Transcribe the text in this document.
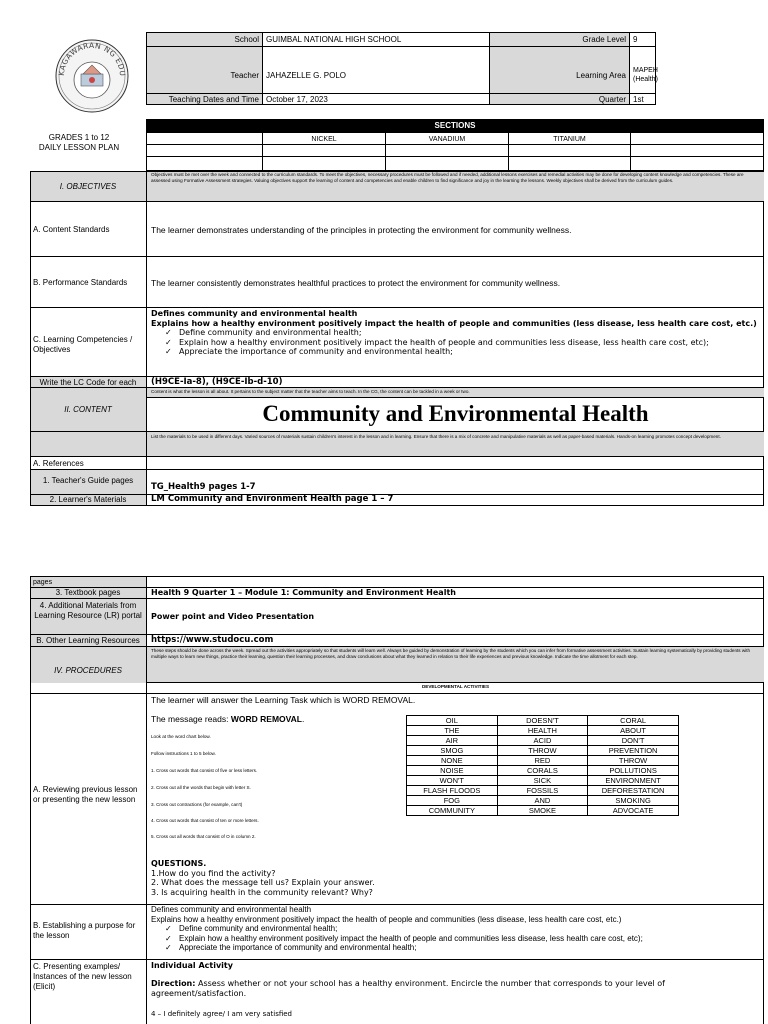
KAGAWARAN NG EDU
School GUIMBAL NATIONAL HIGH SCHOOL	Grade Level 9
Teacher JAHAZELLE G. POLO	Learning Area
MAPEH (Health)
Teaching Dates and Time October 17, 2023	Quarter 1st
GRADES 1 to 12
DAILY LESSON PLAN
SECTIONS
NICKEL	VANADIUM	TITANIUM
I. OBJECTIVES
Objectives must be met over the week and connected to the curriculum standards. To meet the objectives, necessary procedures must be followed and if needed, additional lessons exercises and remedial activities may be done for developing content knowledge and competencies. These are assessed using Formative Assessment strategies. Valuing objectives support the learning of content and competencies and enable children to find significance and joy in the learning the lessons. Weekly objectives shall be derived from the curriculum guides.
A. Content Standards	The learner demonstrates understanding of the principles in protecting the environment for community wellness.
B. Performance Standards	The learner consistently demonstrates healthful practices to protect the environment for community wellness.
C. Learning Competencies / Objectives
Defines community and environmental health
Explains how a healthy environment positively impact the health of people and communities (less disease, less health care cost, etc.)
✓ Define community and environmental health;
✓ Explain how a healthy environment positively impact the health of people and communities less disease, less health care cost, etc);
✓ Appreciate the importance of community and environmental health;
Write the LC Code for each	(H9CE-Ia-8), (H9CE-Ib-d-10)
II. CONTENT
Content is what the lesson is all about. It pertains to the subject matter that the teacher aims to teach. In the CG, the content can be tackled in a week or two.
Community and Environmental Health
List the materials to be used in different days. Varied sources of materials sustain children's interest in the lesson and in learning. Ensure that there is a mix of concrete and manipulative materials as well as paper-based materials. Hands-on learning promotes concept development.
A. References
1. Teacher's Guide pages
TG_Health9 pages 1-7
2. Learner's Materials	LM Community and Environment Health page 1 – 7
pages
3. Textbook pages	Health 9 Quarter 1 – Module 1: Community and Environment Health
4. Additional Materials from Learning Resource (LR) portal	Power point and Video Presentation
B. Other Learning Resources	https://www.studocu.com
IV. PROCEDURES
These steps should be done across the week. Spread out the activities appropriately so that students will learn well. Always be guided by demonstration of learning by the students which you can infer from formative assessment activities. Sustain learning systematically by providing students with multiple ways to learn new things, practice their learning, question their learning processes, and draw conclusions about what they learned in relation to their life experiences and previous knowledge. Indicate the time allotment for each step.
DEVELOPMENTAL ACTIVITIES
A. Reviewing previous lesson or presenting the new lesson
The learner will answer the Learning Task which is WORD REMOVAL.
The message reads: WORD REMOVAL.
Look at the word chart below.
Follow instructions 1 to 5 below.
1. Cross out words that consist of five or less letters.
2. Cross out all the words that begin with letter S.
3. Cross out contractions (for example, can't)
4. Cross out words that consist of ten or more letters.
5. Cross out all words that consist of O in column 2.
OIL	DOESN'T	CORAL
THE	HEALTH	ABOUT
AIR	ACID	DON'T
SMOG	THROW	PREVENTION
NONE	RED	THROW
NOISE	CORALS	POLLUTIONS
WON'T	SICK	ENVIRONMENT
FLASH FLOODS	FOSSILS	DEFORESTATION
FOG	AND	SMOKING
COMMUNITY	SMOKE	ADVOCATE
QUESTIONS.
1.How do you find the activity?
2. What does the message tell us? Explain your answer.
3. Is acquiring health in the community relevant? Why?
B. Establishing a purpose for the lesson
Defines community and environmental health
Explains how a healthy environment positively impact the health of people and communities (less disease, less health care cost, etc.)
✓ Define community and environmental health;
✓ Explain how a healthy environment positively impact the health of people and communities less disease, less health care cost, etc);
✓ Appreciate the importance of community and environmental health;
C. Presenting examples/ Instances of the new lesson (Elicit)
Individual Activity
Direction: Assess whether or not your school has a healthy environment. Encircle the number that corresponds to your level of agreement/satisfaction.
4 – I definitely agree/ I am very satisfied
